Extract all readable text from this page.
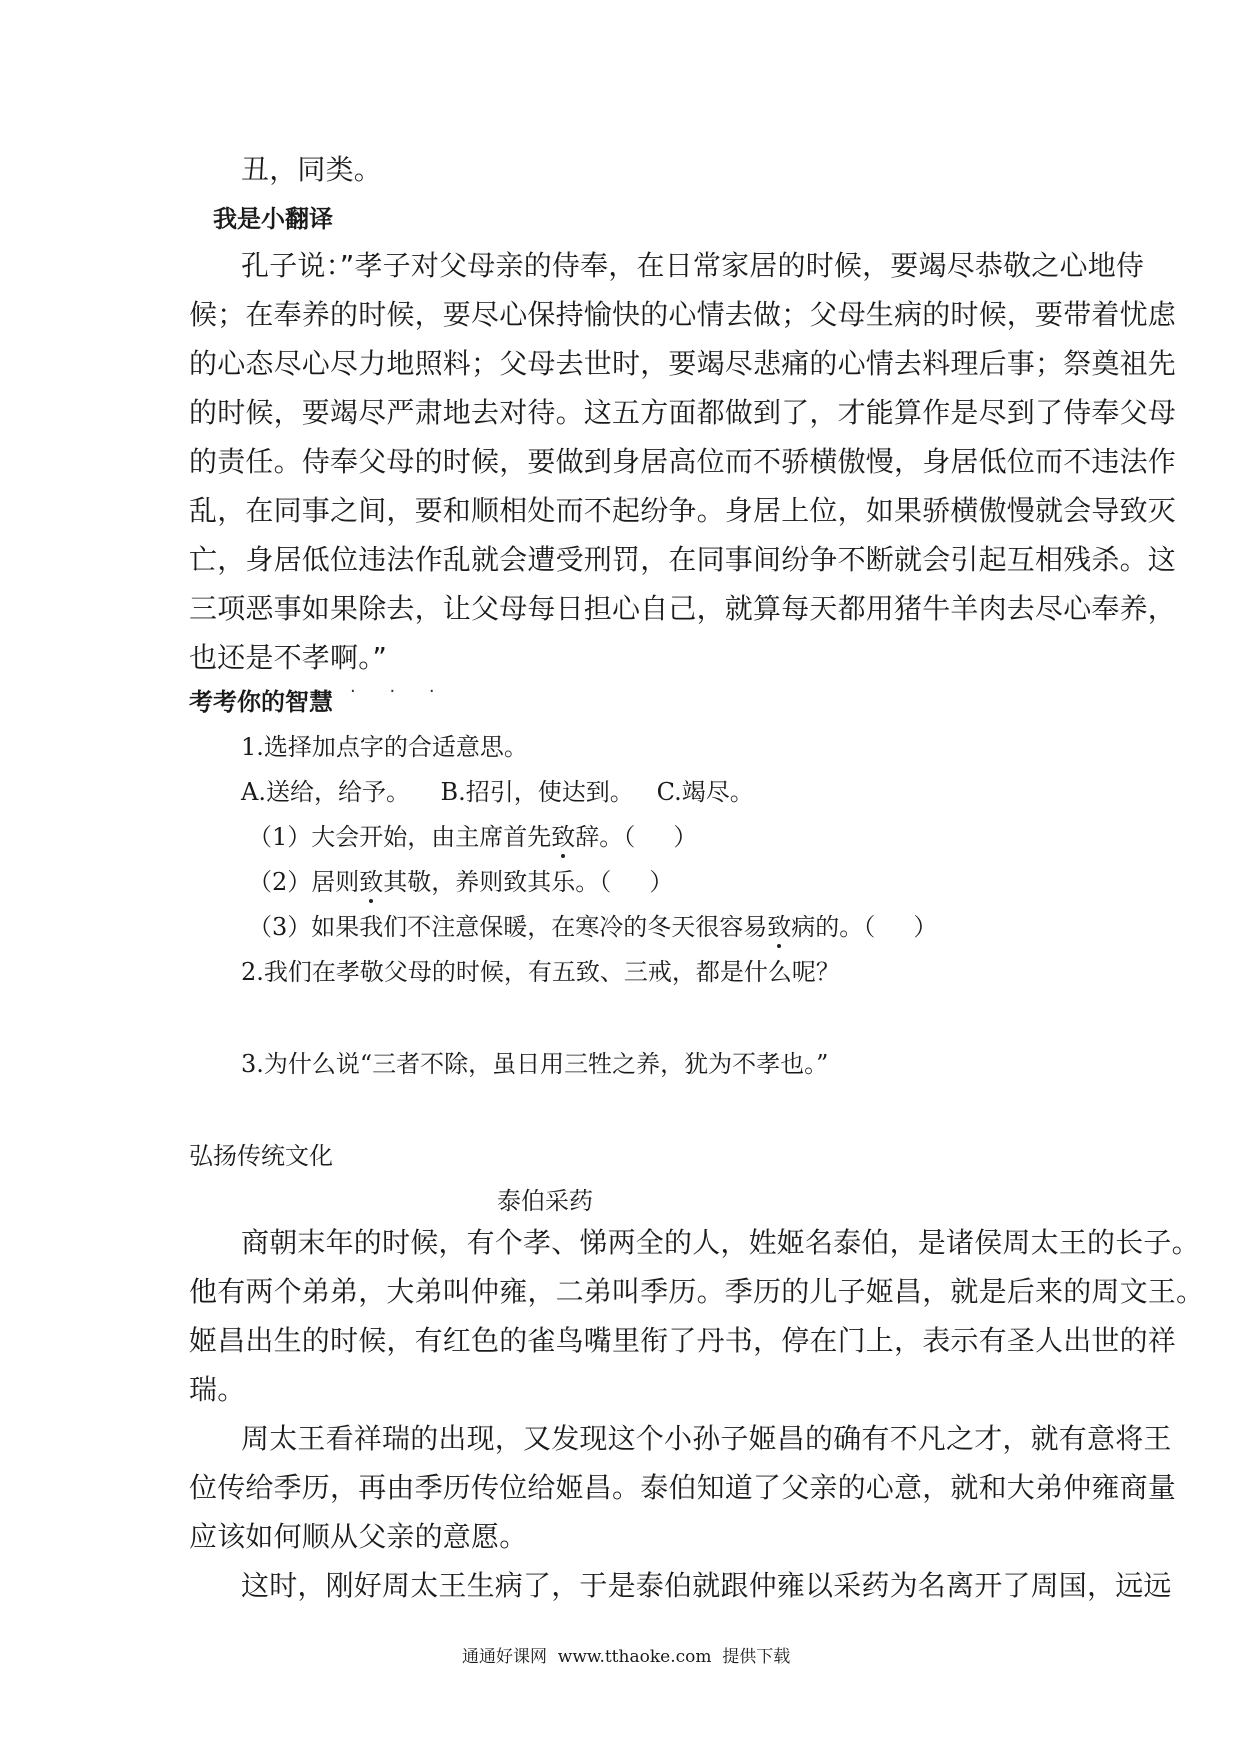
丑，同类。
我是小翻译
孔子说：”孝子对父母亲的侍奉，在日常家居的时候，要竭尽恭敬之心地侍
候；在奉养的时候，要尽心保持愉快的心情去做；父母生病的时候，要带着忧虑
的心态尽心尽力地照料；父母去世时，要竭尽悲痛的心情去料理后事；祭奠祖先
的时候，要竭尽严肃地去对待。这五方面都做到了，才能算作是尽到了侍奉父母
的责任。侍奉父母的时候，要做到身居高位而不骄横傲慢，身居低位而不违法作
乱，在同事之间，要和顺相处而不起纷争。身居上位，如果骄横傲慢就会导致灭
亡，身居低位违法作乱就会遭受刑罚，在同事间纷争不断就会引起互相残杀。这
三项恶事如果除去，让父母每日担心自己，就算每天都用猪牛羊肉去尽心奉养，
也还是不孝啊。”
考考你的智慧
. . .
1.选择加点字的合适意思。
A.送给，给予。    B.招引，使达到。   C.竭尽。
（1）大会开始，由主席首先致辞。（     ）
（2）居则致其敬，养则致其乐。（     ）
（3）如果我们不注意保暖，在寒冷的冬天很容易致病的。（     ）
2.我们在孝敬父母的时候，有五致、三戒，都是什么呢？
3.为什么说“三者不除，虽日用三牲之养，犹为不孝也。”
弘扬传统文化
泰伯采药
商朝末年的时候，有个孝、悌两全的人，姓姬名泰伯，是诸侯周太王的长子。
他有两个弟弟，大弟叫仲雍，二弟叫季历。季历的儿子姬昌，就是后来的周文王。
姬昌出生的时候，有红色的雀鸟嘴里衔了丹书，停在门上，表示有圣人出世的祥
瑞。
周太王看祥瑞的出现，又发现这个小孙子姬昌的确有不凡之才，就有意将王
位传给季历，再由季历传位给姬昌。泰伯知道了父亲的心意，就和大弟仲雍商量
应该如何顺从父亲的意愿。
这时，刚好周太王生病了，于是泰伯就跟仲雍以采药为名离开了周国，远远
通通好课网  www.tthaoke.com  提供下载
